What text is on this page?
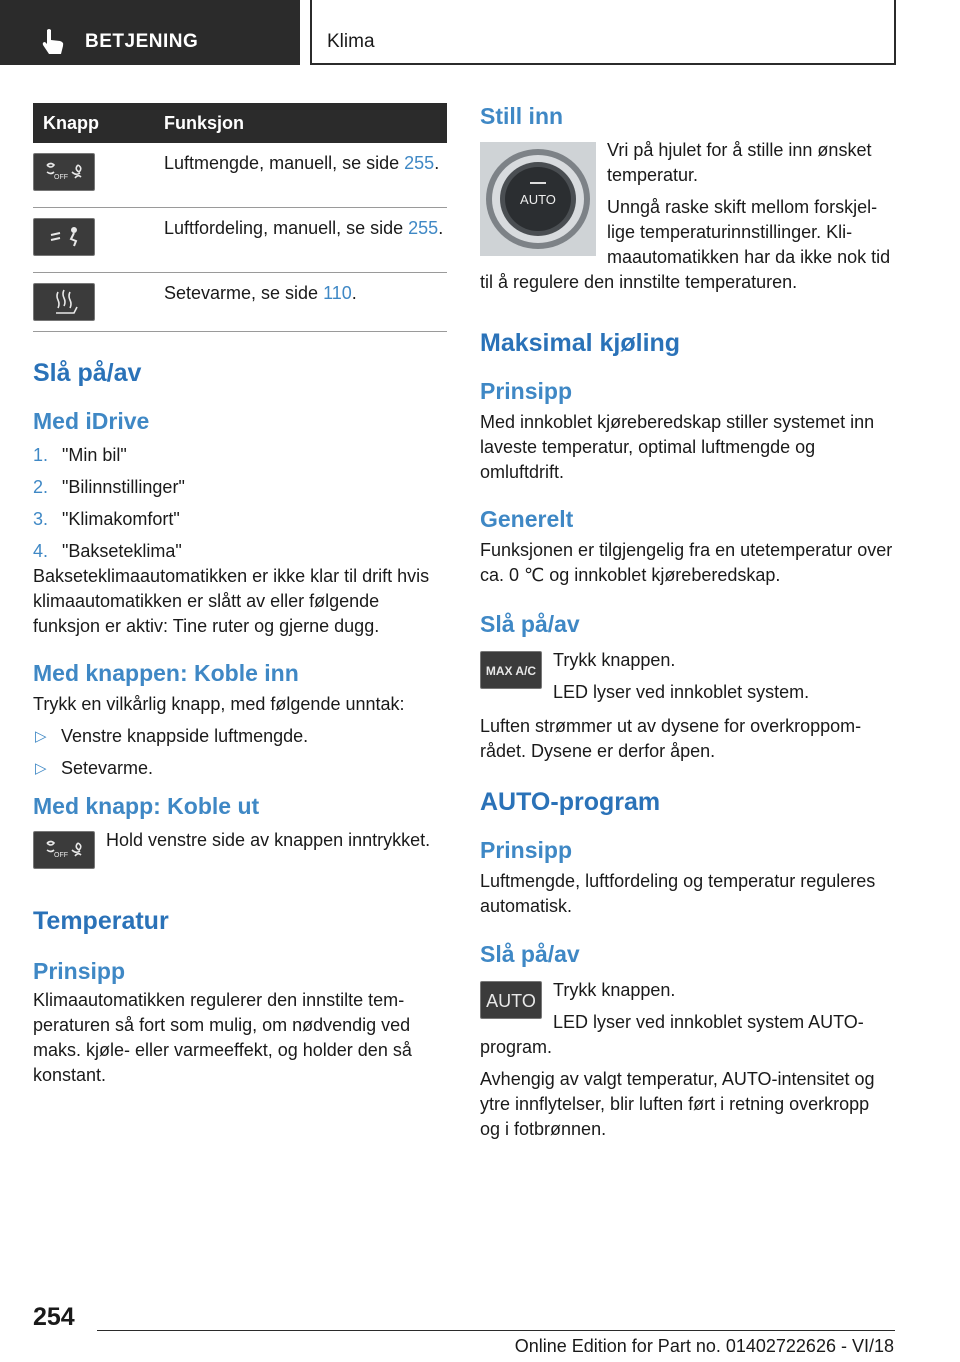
BETJENING	Klima
Knapp	Funksjon

OFF	Luftmengde, manuell, se side 255.

	Luftfordeling, manuell, se side 255.

	Setevarme, se side 110.
Slå på/av
Med iDrive
1. "Min bil"
2. "Bilinnstillinger"
3. "Klimakomfort"
4. "Bakseteklima"

Bakseteklimaautomatikken er ikke klar til drift hvis klimaautomatikken er slått av eller følgende funksjon er aktiv: Tine ruter og gjerne dugg.

Med knappen: Koble inn

Trykk en vilkårlig knapp, med følgende unntak:

▷ Venstre knappside luftmengde.
▷ Setevarme.
Med knapp: Koble ut
OFF

Hold venstre side av knappen inntrykket.

Temperatur
Prinsipp

Klimaautomatikken regulerer den innstilte temperaturen så fort som mulig, om nødvendig ved maks. kjøle- eller varmeeffekt, og holder den så konstant.

Still inn
AUTO

Vri på hjulet for å stille inn ønsket temperatur.

Unngå raske skift mellom forskjellige temperaturinnstillinger. Klimaautomatikken har da ikke nok tid til å regulere den innstilte temperaturen.

Maksimal kjøling
Prinsipp

Med innkoblet kjøreberedskap stiller systemet inn laveste temperatur, optimal luftmengde og omluftdrift.

Generelt

Funksjonen er tilgjengelig fra en utetemperatur over ca. 0 ℃ og innkoblet kjøreberedskap.

Slå på/av
MAX A/C

Trykk knappen.

LED lyser ved innkoblet system.

Luften strømmer ut av dysene for overkroppområdet. Dysene er derfor åpen.

AUTO-program
Prinsipp

Luftmengde, luftfordeling og temperatur reguleres automatisk.

Slå på/av
AUTO

Trykk knappen.

LED lyser ved innkoblet system AUTO-program.

Avhengig av valgt temperatur, AUTO-intensitet og ytre innflytelser, blir luften ført i retning overkropp og i fotbrønnen.

254
Online Edition for Part no. 01402722626 - VI/18
